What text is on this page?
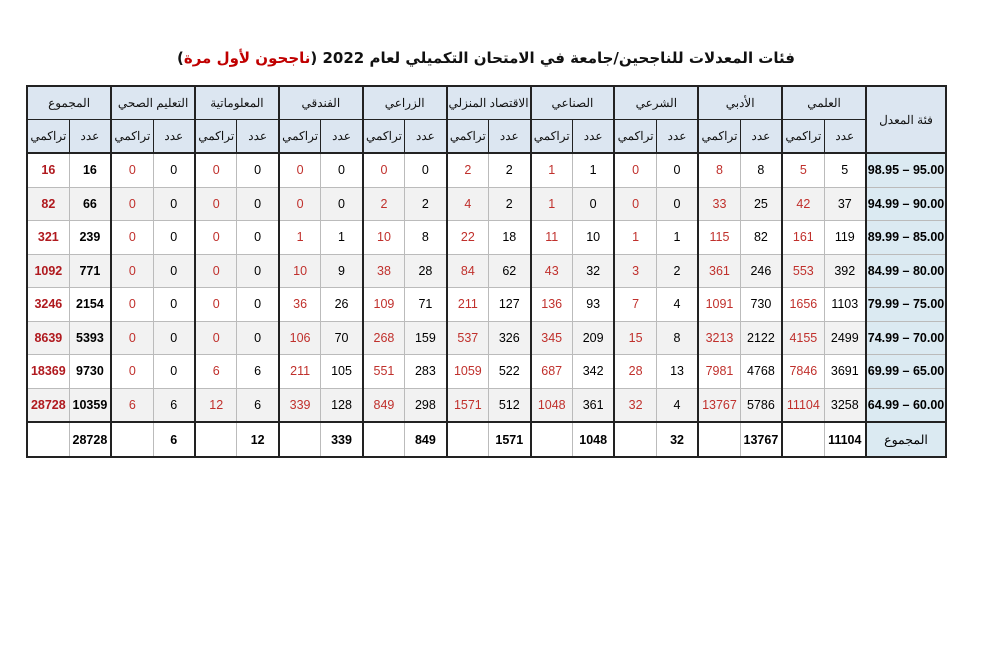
فئات المعدلات للناجحين/جامعة في الامتحان التكميلي لعام 2022 (ناجحون لأول مرة)
فئة المعدل	العلمي		الأدبي		الشرعي		الصناعي		الاقتصاد المنزلي		الزراعي		الفندقي		المعلوماتية		التعليم الصحي		المجموع	
	عدد	تراكمي	عدد	تراكمي	عدد	تراكمي	عدد	تراكمي	عدد	تراكمي	عدد	تراكمي	عدد	تراكمي	عدد	تراكمي	عدد	تراكمي	عدد	تراكمي
98.95 – 95.00	5	5	8	8	0	0	1	1	2	2	0	0	0	0	0	0	0	0	16	16
94.99 – 90.00	37	42	25	33	0	0	0	1	2	4	2	2	0	0	0	0	0	0	66	82
89.99 – 85.00	119	161	82	115	1	1	10	11	18	22	8	10	1	1	0	0	0	0	239	321
84.99 – 80.00	392	553	246	361	2	3	32	43	62	84	28	38	9	10	0	0	0	0	771	1092
79.99 – 75.00	1103	1656	730	1091	4	7	93	136	127	211	71	109	26	36	0	0	0	0	2154	3246
74.99 – 70.00	2499	4155	2122	3213	8	15	209	345	326	537	159	268	70	106	0	0	0	0	5393	8639
69.99 – 65.00	3691	7846	4768	7981	13	28	342	687	522	1059	283	551	105	211	6	6	0	0	9730	18369
64.99 – 60.00	3258	11104	5786	13767	4	32	361	1048	512	1571	298	849	128	339	6	12	6	6	10359	28728
المجموع	11104		13767		32		1048		1571		849		339		12		6		28728	
